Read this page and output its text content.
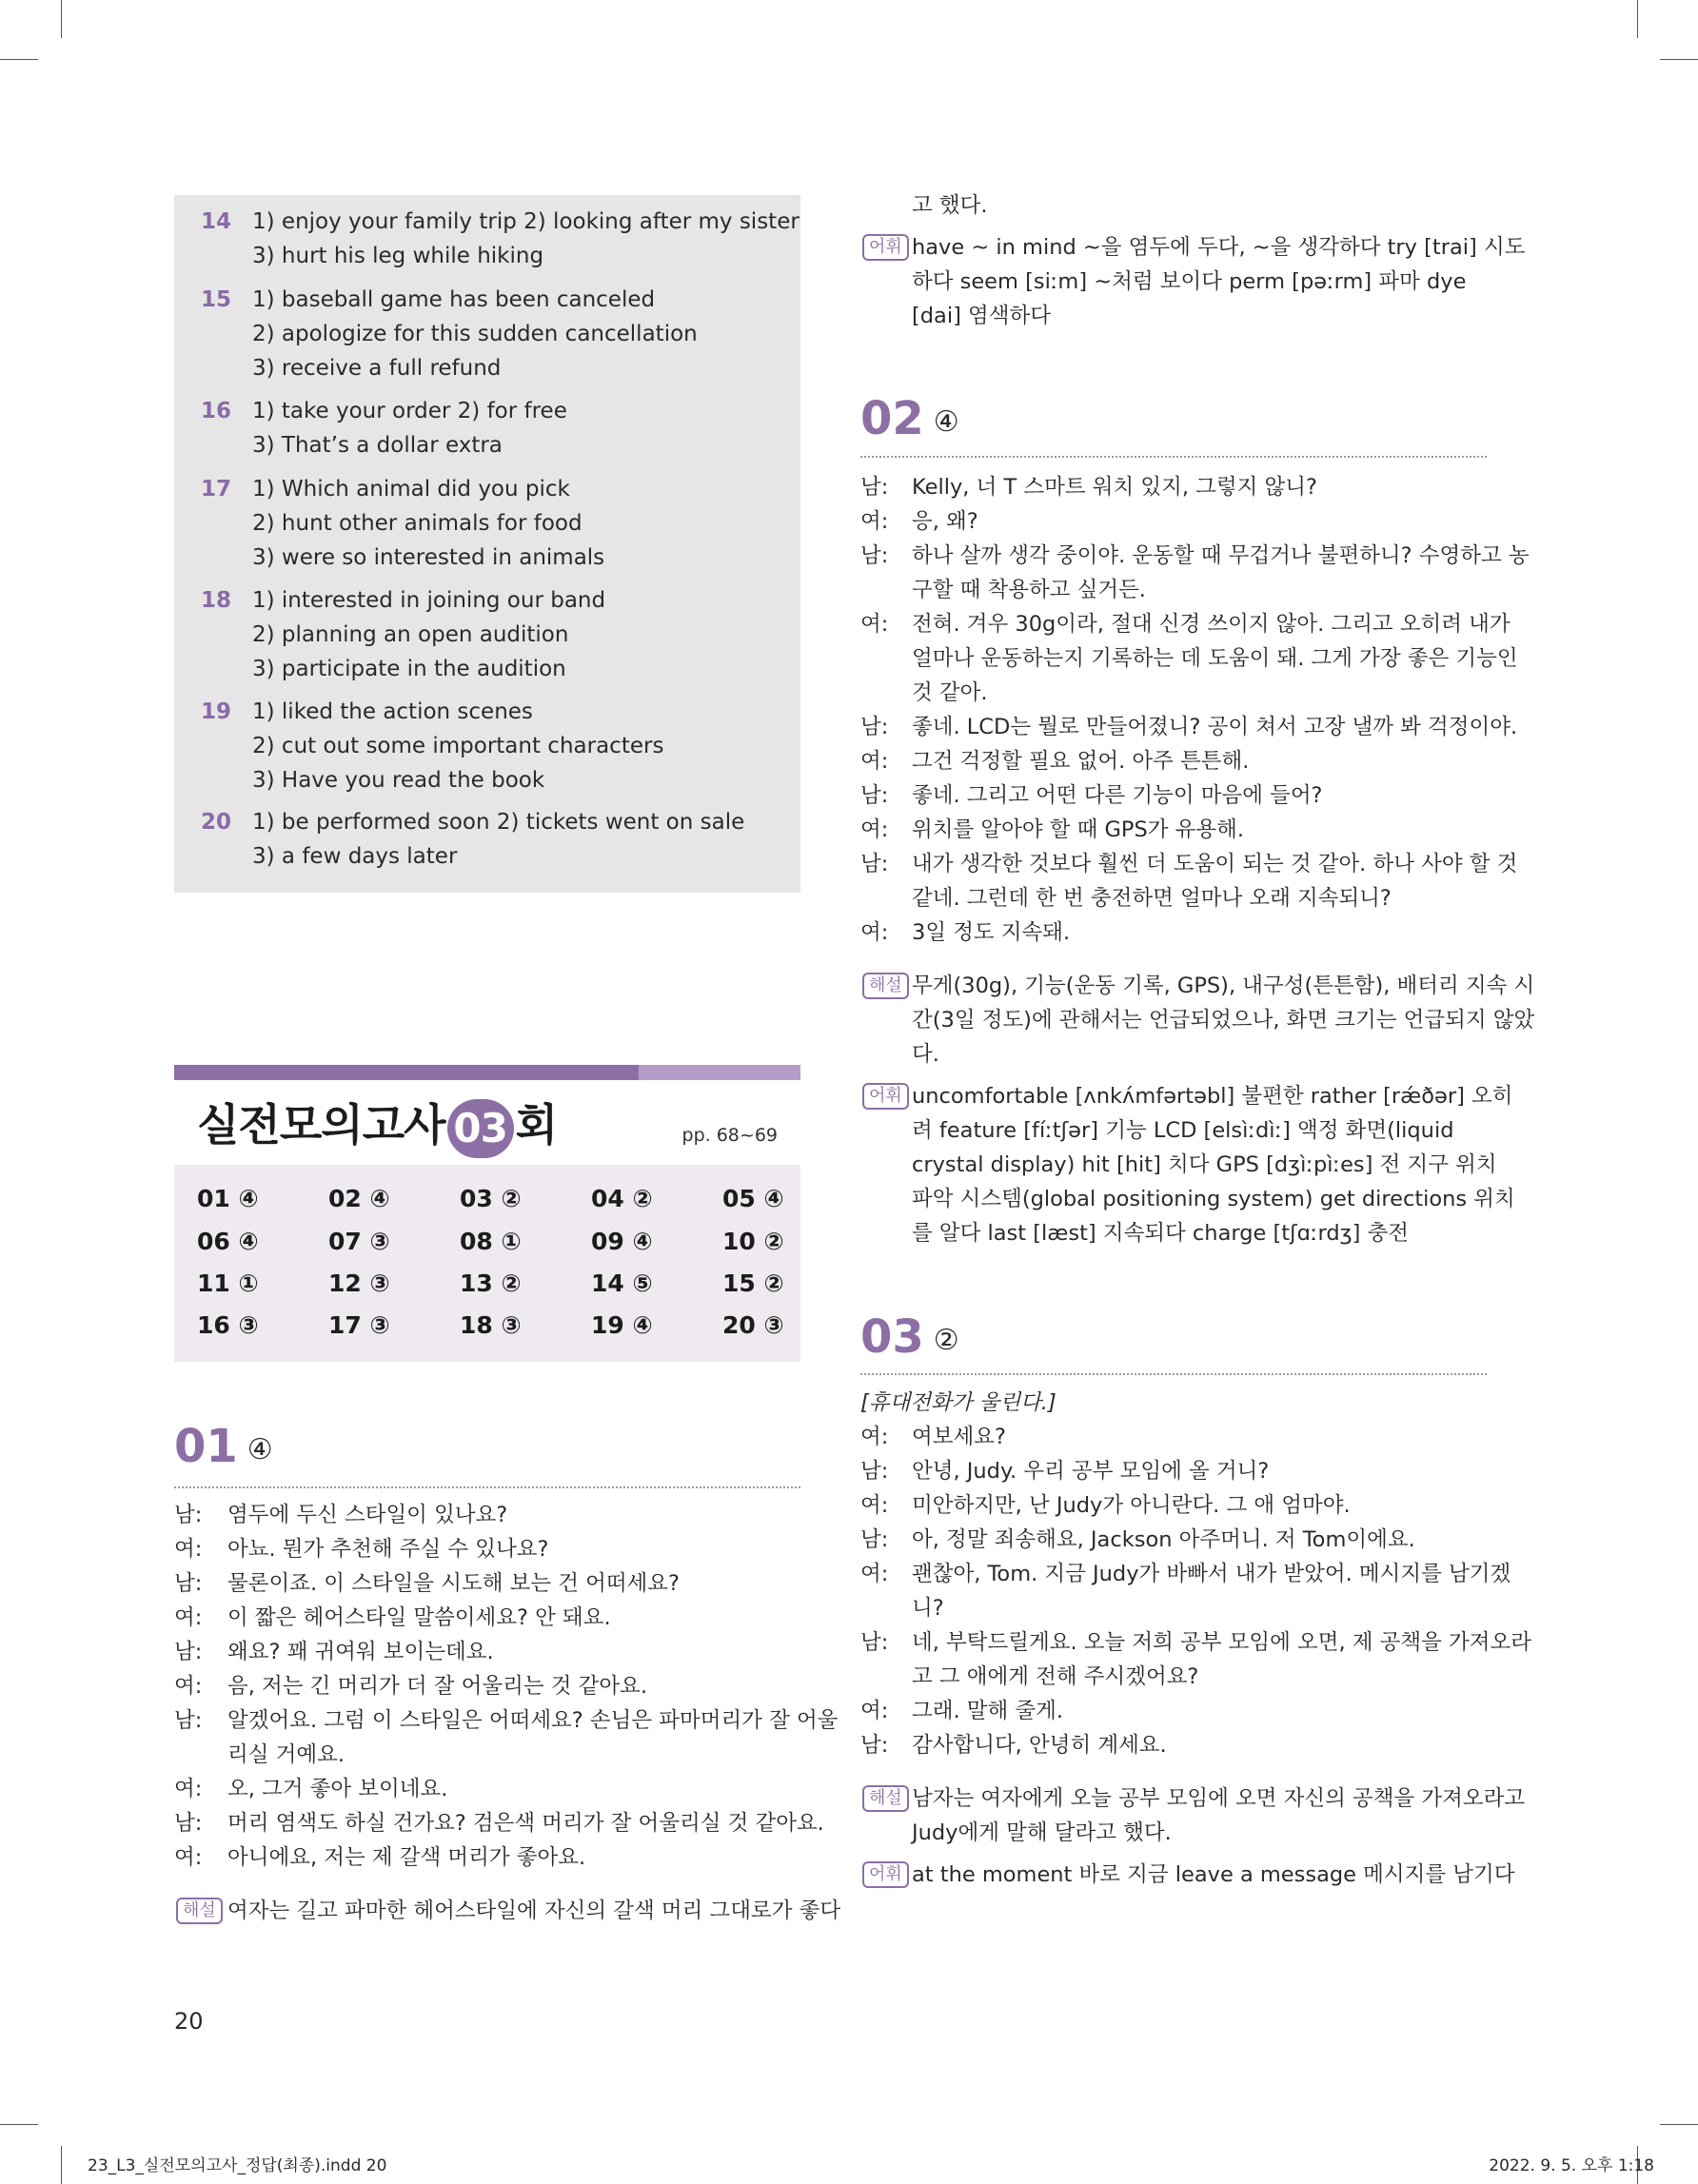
14 1) enjoy your family trip 2) looking after my sister
3) hurt his leg while hiking
15 1) baseball game has been canceled
2) apologize for this sudden cancellation
3) receive a full refund
16 1) take your order 2) for free
3) That’s a dollar extra
17 1) Which animal did you pick
2) hunt other animals for food
3) were so interested in animals
18 1) interested in joining our band
2) planning an open audition
3) participate in the audition
19 1) liked the action scenes
2) cut out some important characters
3) Have you read the book
20 1) be performed soon 2) tickets went on sale
3) a few days later
실전모의고사 03 회	pp. 68~69
01 ④	02 ④	03 ②	04 ②	05 ④
06 ④	07 ③	08 ①	09 ④	10 ②
11 ①	12 ③	13 ②	14 ⑤	15 ②
16 ③	17 ③	18 ③	19 ④	20 ③
01 ④
남:	염두에 두신 스타일이 있나요?
여:	아뇨. 뭔가 추천해 주실 수 있나요?
남:	물론이죠. 이 스타일을 시도해 보는 건 어떠세요?
여:	이 짧은 헤어스타일 말씀이세요? 안 돼요.
남:	왜요? 꽤 귀여워 보이는데요.
여:	음, 저는 긴 머리가 더 잘 어울리는 것 같아요.
남:	알겠어요. 그럼 이 스타일은 어떠세요? 손님은 파마머리가 잘 어울
리실 거예요.
여:	오, 그거 좋아 보이네요.
남:	머리 염색도 하실 건가요? 검은색 머리가 잘 어울리실 것 같아요.
여:	아니에요, 저는 제 갈색 머리가 좋아요.
해설 여자는 길고 파마한 헤어스타일에 자신의 갈색 머리 그대로가 좋다
고 했다.
어휘 have ~ in mind ~을 염두에 두다, ~을 생각하다 try [trai] 시도
하다 seem [siːm] ~처럼 보이다 perm [pəːrm] 파마 dye
[dai] 염색하다
02 ④
남:	Kelly, 너 T 스마트 워치 있지, 그렇지 않니?
여:	응, 왜?
남:	하나 살까 생각 중이야. 운동할 때 무겁거나 불편하니? 수영하고 농
구할 때 착용하고 싶거든.
여:	전혀. 겨우 30g이라, 절대 신경 쓰이지 않아. 그리고 오히려 내가
얼마나 운동하는지 기록하는 데 도움이 돼. 그게 가장 좋은 기능인
것 같아.
남:	좋네. LCD는 뭘로 만들어졌니? 공이 쳐서 고장 낼까 봐 걱정이야.
여:	그건 걱정할 필요 없어. 아주 튼튼해.
남:	좋네. 그리고 어떤 다른 기능이 마음에 들어?
여:	위치를 알아야 할 때 GPS가 유용해.
남:	내가 생각한 것보다 훨씬 더 도움이 되는 것 같아. 하나 사야 할 것
같네. 그런데 한 번 충전하면 얼마나 오래 지속되니?
여:	3일 정도 지속돼.
해설 무게(30g), 기능(운동 기록, GPS), 내구성(튼튼함), 배터리 지속 시
간(3일 정도)에 관해서는 언급되었으나, 화면 크기는 언급되지 않았
다.
어휘 uncomfortable [ʌnkʌ́mfərtəbl] 불편한 rather [rǽðər] 오히
려 feature [fíːtʃər] 기능 LCD [elsìːdìː] 액정 화면(liquid
crystal display) hit [hit] 치다 GPS [dʒìːpìːes] 전 지구 위치
파악 시스템(global positioning system) get directions 위치
를 알다 last [læst] 지속되다 charge [tʃɑːrdʒ] 충전
03 ②
[휴대전화가 울린다.]
여:	여보세요?
남:	안녕, Judy. 우리 공부 모임에 올 거니?
여:	미안하지만, 난 Judy가 아니란다. 그 애 엄마야.
남:	아, 정말 죄송해요, Jackson 아주머니. 저 Tom이에요.
여:	괜찮아, Tom. 지금 Judy가 바빠서 내가 받았어. 메시지를 남기겠
니?
남:	네, 부탁드릴게요. 오늘 저희 공부 모임에 오면, 제 공책을 가져오라
고 그 애에게 전해 주시겠어요?
여:	그래. 말해 줄게.
남:	감사합니다, 안녕히 계세요.
해설 남자는 여자에게 오늘 공부 모임에 오면 자신의 공책을 가져오라고
Judy에게 말해 달라고 했다.
어휘 at the moment 바로 지금 leave a message 메시지를 남기다
20
23_L3_실전모의고사_정답(최종).indd 20	2022. 9. 5. 오후 1:18
